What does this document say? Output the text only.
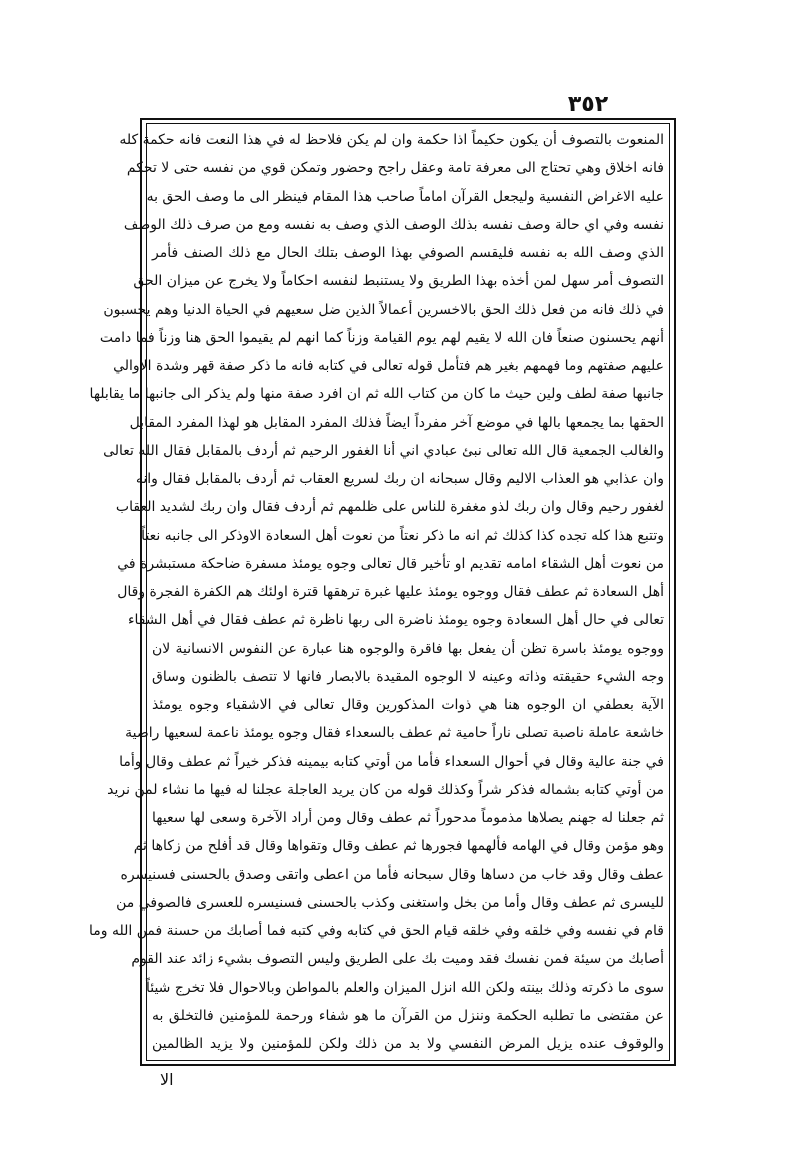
٣٥٢
المنعوت بالتصوف أن يكون حكيماً اذا حكمة وان لم يكن فلاحظ له في هذا النعت فانه حكمة كله
فانه اخلاق وهي تحتاج الى معرفة تامة وعقل راجح وحضور وتمكن قوي من نفسه حتى لا تحكم
عليه الاغراض النفسية وليجعل القرآن اماماً صاحب هذا المقام فينظر الى ما وصف الحق به
نفسه وفي اي حالة وصف نفسه بذلك الوصف الذي وصف به نفسه ومع من صرف ذلك الوصف
الذي وصف الله به نفسه فليقسم الصوفي بهذا الوصف بتلك الحال مع ذلك الصنف فأمر
التصوف أمر سهل لمن أخذه بهذا الطريق ولا يستنبط لنفسه احكاماً ولا يخرج عن ميزان الحق
في ذلك فانه من فعل ذلك الحق بالاخسرين أعمالاً الذين ضل سعيهم في الحياة الدنيا وهم يحسبون
أنهم يحسنون صنعاً فان الله لا يقيم لهم يوم القيامة وزناً كما انهم لم يقيموا الحق هنا وزناً فما دامت
عليهم صفتهم وما فهمهم بغير هم فتأمل قوله تعالى في كتابه فانه ما ذكر صفة قهر وشدة الاوالي
جانبها صفة لطف ولين حيث ما كان من كتاب الله ثم ان افرد صفة منها ولم يذكر الى جانبها ما يقابلها
الحقها بما يجمعها بالها في موضع آخر مفرداً ايضاً فذلك المفرد المقابل هو لهذا المفرد المقابل
والغالب الجمعية قال الله تعالى نبئ عبادي اني أنا الغفور الرحيم ثم أردف بالمقابل فقال الله تعالى
وان عذابي هو العذاب الاليم وقال سبحانه ان ربك لسريع العقاب ثم أردف بالمقابل فقال وانه
لغفور رحيم وقال وان ربك لذو مغفرة للناس على ظلمهم ثم أردف فقال وان ربك لشديد العقاب
وتتبع هذا كله تجده كذا كذلك ثم انه ما ذكر نعتاً من نعوت أهل السعادة الاوذكر الى جانبه نعتاً
من نعوت أهل الشقاء امامه تقديم او تأخير قال تعالى وجوه يومئذ مسفرة ضاحكة مستبشرة في
أهل السعادة ثم عطف فقال ووجوه يومئذ عليها غبرة ترهقها قترة اولئك هم الكفرة الفجرة وقال
تعالى في حال أهل السعادة وجوه يومئذ ناضرة الى ربها ناظرة ثم عطف فقال في أهل الشقاء
ووجوه يومئذ باسرة تظن أن يفعل بها فاقرة والوجوه هنا عبارة عن النفوس الانسانية لان
وجه الشيء حقيقته وذاته وعينه لا الوجوه المقيدة بالابصار فانها لا تتصف بالظنون وساق
الآية بعطفي ان الوجوه هنا هي ذوات المذكورين وقال تعالى في الاشقياء وجوه يومئذ
خاشعة عاملة ناصبة تصلى ناراً حامية ثم عطف بالسعداء فقال وجوه يومئذ ناعمة لسعيها راضية
في جنة عالية وقال في أحوال السعداء فأما من أوتي كتابه بيمينه فذكر خيراً ثم عطف وقال وأما
من أوتي كتابه بشماله فذكر شراً وكذلك قوله من كان يريد العاجلة عجلنا له فيها ما نشاء لمن نريد
ثم جعلنا له جهنم يصلاها مذموماً مدحوراً ثم عطف وقال ومن أراد الآخرة وسعى لها سعيها
وهو مؤمن وقال في الهامه فألهمها فجورها ثم عطف وقال وتقواها وقال قد أفلح من زكاها ثم
عطف وقال وقد خاب من دساها وقال سبحانه فأما من اعطى واتقى وصدق بالحسنى فسنيسره
لليسرى ثم عطف وقال وأما من بخل واستغنى وكذب بالحسنى فسنيسره للعسرى فالصوفي من
قام في نفسه وفي خلقه وفي خلقه قيام الحق في كتابه وفي كتبه فما أصابك من حسنة فمن الله وما
أصابك من سيئة فمن نفسك فقد وميت بك على الطريق وليس التصوف بشيء زائد عند القوم
سوى ما ذكرته وذلك بينته ولكن الله انزل الميزان والعلم بالمواطن وبالاحوال فلا تخرج شيئاً
عن مقتضى ما تطلبه الحكمة وننزل من القرآن ما هو شفاء ورحمة للمؤمنين فالتخلق به
والوقوف عنده يزيل المرض النفسي ولا بد من ذلك ولكن للمؤمنين ولا يزيد الظالمين
الا
